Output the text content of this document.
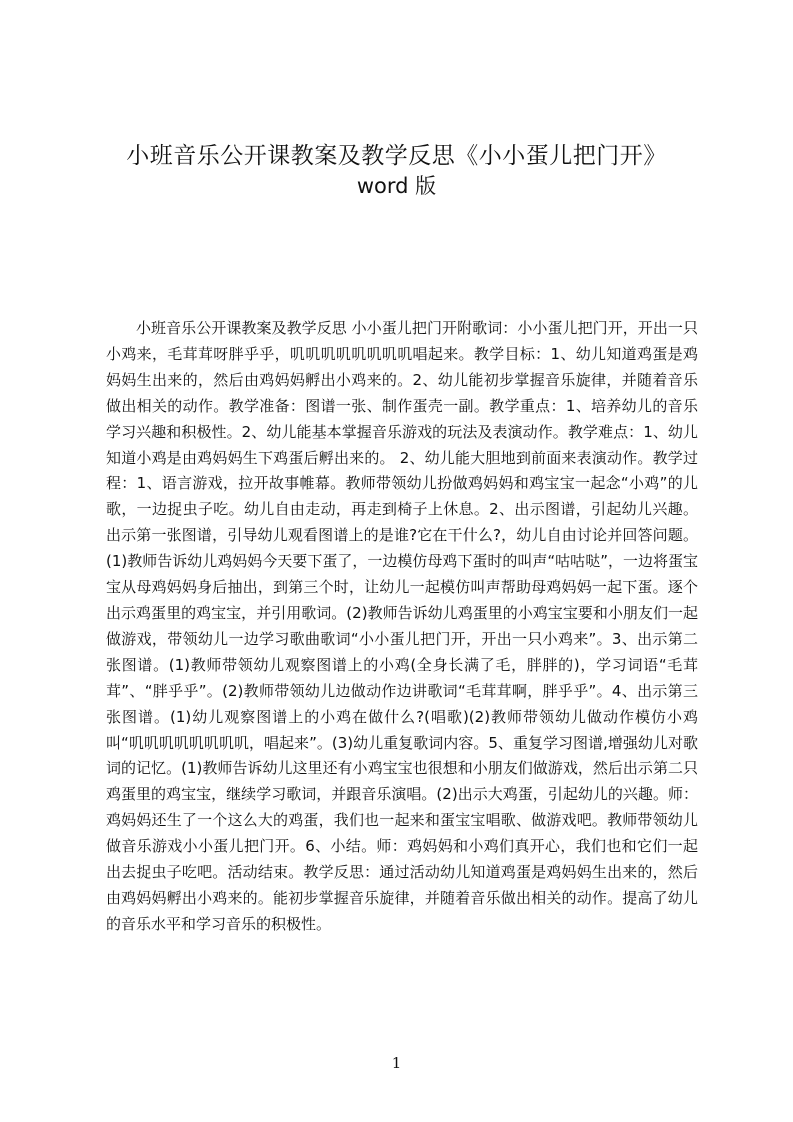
小班音乐公开课教案及教学反思《小小蛋儿把门开》
word 版
小班音乐公开课教案及教学反思 小小蛋儿把门开附歌词：小小蛋儿把门开，开出一只小鸡来，毛茸茸呀胖乎乎，叽叽叽叽叽叽叽叽唱起来。教学目标：1、幼儿知道鸡蛋是鸡妈妈生出来的，然后由鸡妈妈孵出小鸡来的。2、幼儿能初步掌握音乐旋律，并随着音乐做出相关的动作。教学准备：图谱一张、制作蛋壳一副。教学重点：1、培养幼儿的音乐学习兴趣和积极性。2、幼儿能基本掌握音乐游戏的玩法及表演动作。教学难点：1、幼儿知道小鸡是由鸡妈妈生下鸡蛋后孵出来的。 2、幼儿能大胆地到前面来表演动作。教学过程：1、语言游戏，拉开故事帷幕。教师带领幼儿扮做鸡妈妈和鸡宝宝一起念“小鸡”的儿歌，一边捉虫子吃。幼儿自由走动，再走到椅子上休息。2、出示图谱，引起幼儿兴趣。出示第一张图谱，引导幼儿观看图谱上的是谁?它在干什么?，幼儿自由讨论并回答问题。(1)教师告诉幼儿鸡妈妈今天要下蛋了，一边模仿母鸡下蛋时的叫声“咕咕哒”，一边将蛋宝宝从母鸡妈妈身后抽出，到第三个时，让幼儿一起模仿叫声帮助母鸡妈妈一起下蛋。逐个出示鸡蛋里的鸡宝宝，并引用歌词。(2)教师告诉幼儿鸡蛋里的小鸡宝宝要和小朋友们一起做游戏，带领幼儿一边学习歌曲歌词“小小蛋儿把门开，开出一只小鸡来”。3、出示第二张图谱。(1)教师带领幼儿观察图谱上的小鸡(全身长满了毛，胖胖的)，学习词语“毛茸茸”、“胖乎乎”。(2)教师带领幼儿边做动作边讲歌词“毛茸茸啊，胖乎乎”。4、出示第三张图谱。(1)幼儿观察图谱上的小鸡在做什么?(唱歌)(2)教师带领幼儿做动作模仿小鸡叫“叽叽叽叽叽叽叽叽，唱起来”。(3)幼儿重复歌词内容。5、重复学习图谱,增强幼儿对歌词的记忆。(1)教师告诉幼儿这里还有小鸡宝宝也很想和小朋友们做游戏，然后出示第二只鸡蛋里的鸡宝宝，继续学习歌词，并跟音乐演唱。(2)出示大鸡蛋，引起幼儿的兴趣。师：鸡妈妈还生了一个这么大的鸡蛋，我们也一起来和蛋宝宝唱歌、做游戏吧。教师带领幼儿做音乐游戏小小蛋儿把门开。6、小结。师：鸡妈妈和小鸡们真开心，我们也和它们一起出去捉虫子吃吧。活动结束。教学反思：通过活动幼儿知道鸡蛋是鸡妈妈生出来的，然后由鸡妈妈孵出小鸡来的。能初步掌握音乐旋律，并随着音乐做出相关的动作。提高了幼儿的音乐水平和学习音乐的积极性。
1
